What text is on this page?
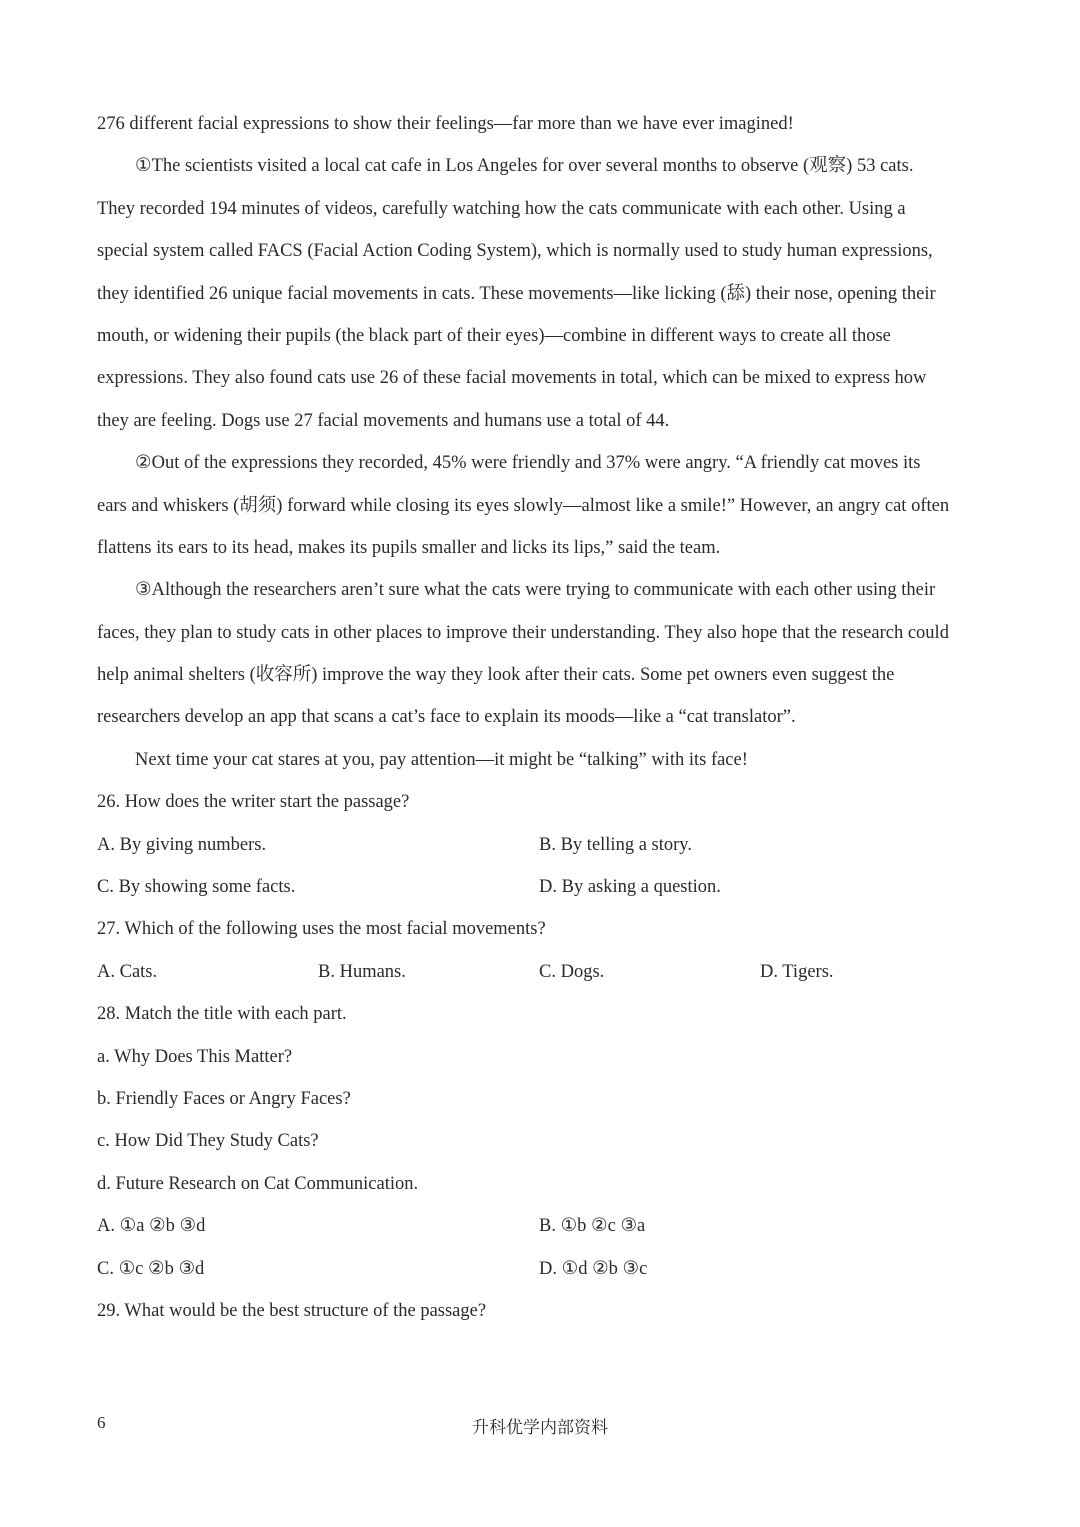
276 different facial expressions to show their feelings—far more than we have ever imagined!
①The scientists visited a local cat cafe in Los Angeles for over several months to observe (观察) 53 cats.
They recorded 194 minutes of videos, carefully watching how the cats communicate with each other. Using a
special system called FACS (Facial Action Coding System), which is normally used to study human expressions,
they identified 26 unique facial movements in cats. These movements—like licking (舔) their nose, opening their
mouth, or widening their pupils (the black part of their eyes)—combine in different ways to create all those
expressions. They also found cats use 26 of these facial movements in total, which can be mixed to express how
they are feeling. Dogs use 27 facial movements and humans use a total of 44.
②Out of the expressions they recorded, 45% were friendly and 37% were angry. “A friendly cat moves its
ears and whiskers (胡须) forward while closing its eyes slowly—almost like a smile!” However, an angry cat often
flattens its ears to its head, makes its pupils smaller and licks its lips,” said the team.
③Although the researchers aren’t sure what the cats were trying to communicate with each other using their
faces, they plan to study cats in other places to improve their understanding. They also hope that the research could
help animal shelters (收容所) improve the way they look after their cats. Some pet owners even suggest the
researchers develop an app that scans a cat’s face to explain its moods—like a “cat translator”.
Next time your cat stares at you, pay attention—it might be “talking” with its face!
26. How does the writer start the passage?
A. By giving numbers.	B. By telling a story.
C. By showing some facts.	D. By asking a question.
27. Which of the following uses the most facial movements?
A. Cats.	B. Humans.	C. Dogs.	D. Tigers.
28. Match the title with each part.
a. Why Does This Matter?
b. Friendly Faces or Angry Faces?
c. How Did They Study Cats?
d. Future Research on Cat Communication.
A. ①a ②b ③d	B. ①b ②c ③a
C. ①c ②b ③d	D. ①d ②b ③c
29. What would be the best structure of the passage?
6	升科优学内部资料
